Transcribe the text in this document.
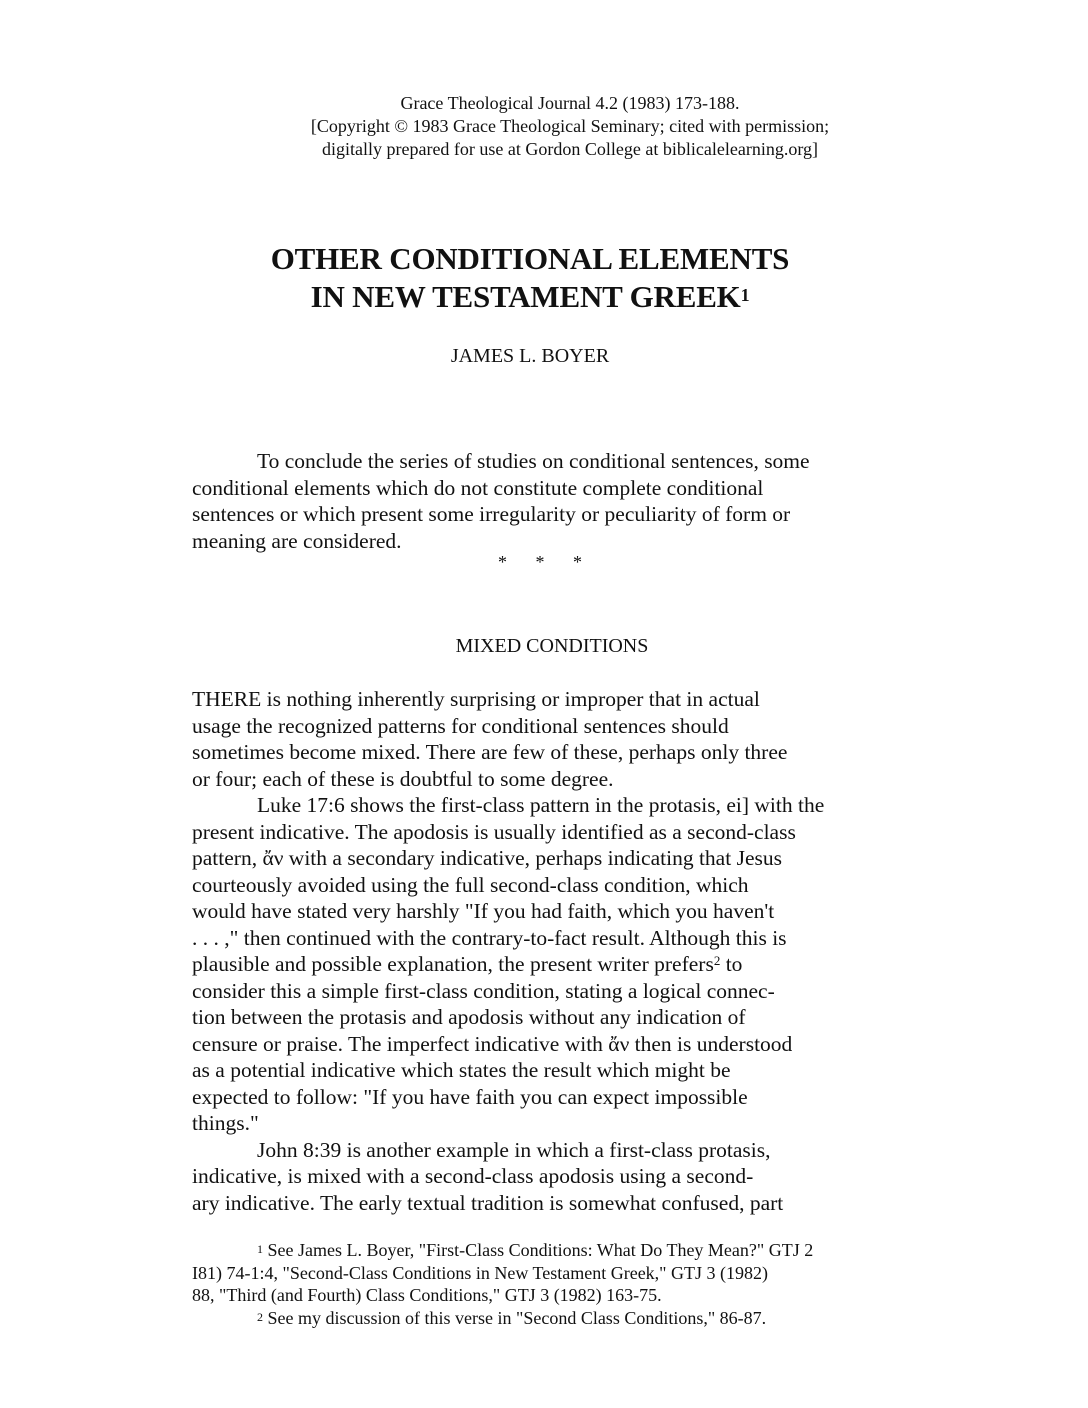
Grace Theological Journal 4.2 (1983) 173-188.
[Copyright © 1983 Grace Theological Seminary; cited with permission;
digitally prepared for use at Gordon College at biblicalelearning.org]
OTHER CONDITIONAL ELEMENTS
IN NEW TESTAMENT GREEK$^1$
JAMES L. BOYER
To conclude the series of studies on conditional sentences, some
conditional elements which do not constitute complete conditional
sentences or which present some irregularity or peculiarity of form or
meaning are considered.
* * *
MIXED CONDITIONS
THERE is nothing inherently surprising or improper that in actual
usage the recognized patterns for conditional sentences should
sometimes become mixed. There are few of these, perhaps only three
or four; each of these is doubtful to some degree.
Luke 17:6 shows the first-class pattern in the protasis, ei] with the
present indicative. The apodosis is usually identified as a second-class
pattern, ἄν with a secondary indicative, perhaps indicating that Jesus
courteously avoided using the full second-class condition, which
would have stated very harshly "If you had faith, which you haven't
. . . ," then continued with the contrary-to-fact result. Although this is
plausible and possible explanation, the present writer prefers$^2$ to
consider this a simple first-class condition, stating a logical connec-
tion between the protasis and apodosis without any indication of
censure or praise. The imperfect indicative with ἄν then is understood
as a potential indicative which states the result which might be
expected to follow: "If you have faith you can expect impossible
things."
John 8:39 is another example in which a first-class protasis,
indicative, is mixed with a second-class apodosis using a second-
ary indicative. The early textual tradition is somewhat confused, part
$^1$ See James L. Boyer, "First-Class Conditions: What Do They Mean?" GTJ 2
I81) 74-1:4, "Second-Class Conditions in New Testament Greek," GTJ 3 (1982)
88, "Third (and Fourth) Class Conditions," GTJ 3 (1982) 163-75.
$^2$ See my discussion of this verse in "Second Class Conditions," 86-87.
